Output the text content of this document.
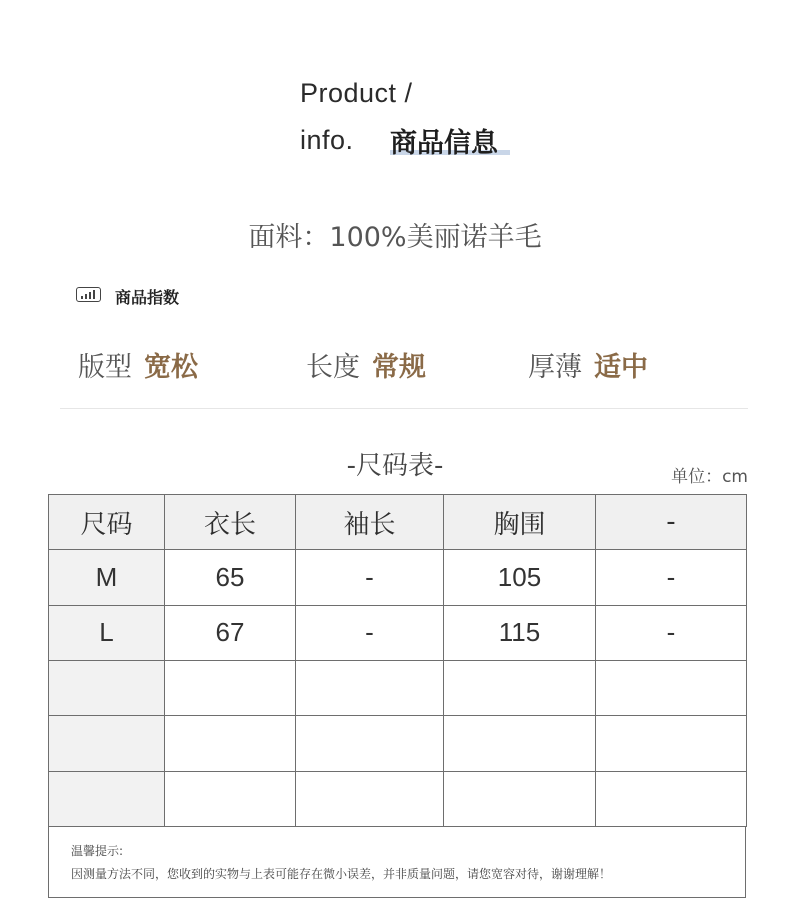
Product /
info. 商品信息
面料：100%美丽诺羊毛
商品指数
版型 宽松	长度 常规	厚薄 适中
-尺码表-	单位：cm
尺码	衣长	袖长	胸围	-
M	65	-	105	-
L	67	-	115	-

温馨提示:
因测量方法不同，您收到的实物与上表可能存在微小误差，并非质量问题，请您宽容对待，谢谢理解！
